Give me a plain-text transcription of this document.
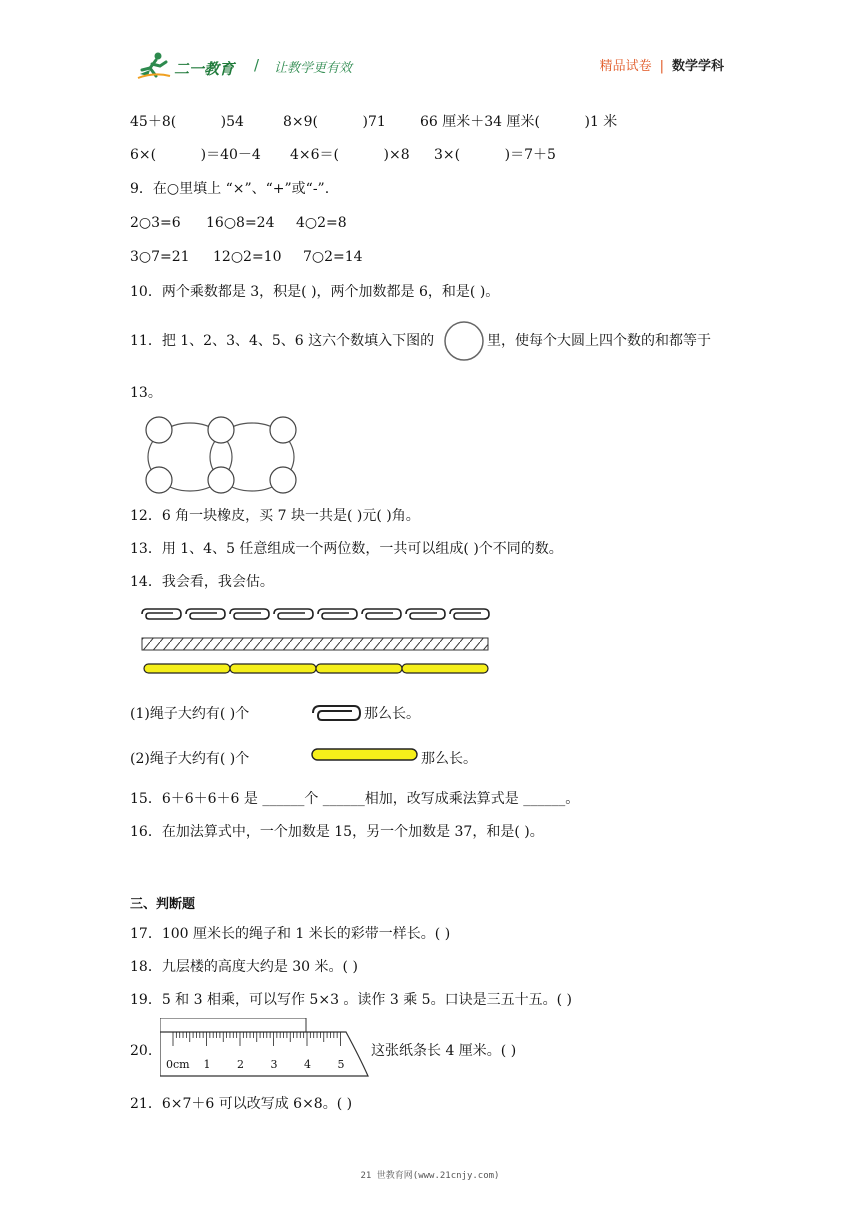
二一教育 / 让教学更有效	精品试卷 | 数学学科
45＋8(          )54	8×9(          )71 66 厘米＋34 厘米(          )1 米
6×(          )＝40－4 4×6＝(          )×8 3×(          )＝7＋5
9．在○里填上 “×”、“+”或“-”.
2○3=6 16○8=24 4○2=8
3○7=21 12○2=10 7○2=14
10．两个乘数都是 3，积是( )，两个加数都是 6，和是( )。
11．把 1、2、3、4、5、6 这六个数填入下图的	里，使每个大圆上四个数的和都等于
13。
12．6 角一块橡皮，买 7 块一共是( )元( )角。
13．用 1、4、5 任意组成一个两位数，一共可以组成( )个不同的数。
14．我会看，我会估。
(1)绳子大约有( )个	那么长。
(2)绳子大约有( )个	那么长。
15．6＋6＋6＋6 是 ______个 ______相加，改写成乘法算式是 ______。
16．在加法算式中，一个加数是 15，另一个加数是 37，和是( )。
三、判断题
17．100 厘米长的绳子和 1 米长的彩带一样长。( )
18．九层楼的高度大约是 30 米。( )
19．5 和 3 相乘，可以写作 5×3 。读作 3 乘 5。口诀是三五十五。( )
20.
0cm 1 2 3 4 5
这张纸条长 4 厘米。( )
21．6×7＋6 可以改写成 6×8。( )
21 世教育网(www.21cnjy.com)
